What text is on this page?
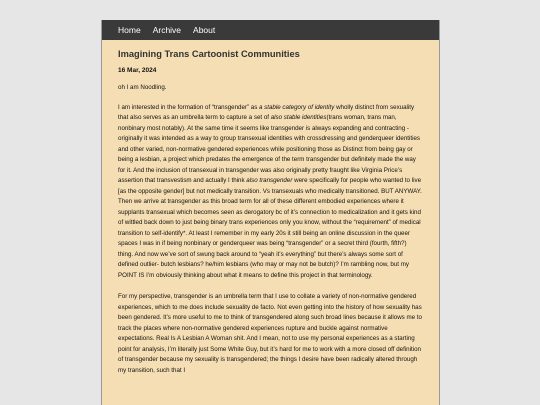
Home Archive About
Imagining Trans Cartoonist Communities
16 Mar, 2024

oh I am Noodling.

I am interested in the formation of “transgender” as a stable category of identity wholly distinct from sexuality that also serves as an umbrella term to capture a set of also stable identities(trans woman, trans man, nonbinary most notably). At the same time it seems like transgender is always expanding and contracting - originally it was intended as a way to group transexual identities with crossdressing and genderqueer identities and other varied, non-normative gendered experiences while positioning those as Distinct from being gay or being a lesbian, a project which predates the emergence of the term transgender but definitely made the way for it. And the inclusion of transexual in transgender was also originally pretty fraught like Virginia Price’s assertion that transvestism and actually I think also transgender were specifically for people who wanted to live [as the opposite gender] but not medically transition. Vs transexuals who medically transitioned. BUT ANYWAY. Then we arrive at transgender as this broad term for all of these different embodied experiences where it supplants transexual which becomes seen as derogatory bc of it’s connection to medicalization and it gets kind of wittled back down to just being binary trans experiences only you know, without the “requirement” of medical transition to self-identify*. At least I remember in my early 20s it still being an online discussion in the queer spaces I was in if being nonbinary or genderqueer was being “transgender” or a secret third (fourth, fifth?) thing. And now we’ve sort of swung back around to “yeah it’s everything” but there’s always some sort of defined outlier- butch lesbians? he/him lesbians (who may or may not be butch)? I’m rambling now, but my POINT IS I’m obviously thinking about what it means to define this project in that terminology.

For my perspective, transgender is an umbrella term that I use to collate a variety of non-normative gendered experiences, which to me does include sexuality de facto. Not even getting into the history of how sexuality has been gendered. It’s more useful to me to think of transgendered along such broad lines because it allows me to track the places where non-normative gendered experiences rupture and buckle against normative expectations. Real Is A Lesbian A Woman shit. And I mean, not to use my personal experiences as a starting point for analysis, I’m literally just Some White Guy, but it’s hard for me to work with a more closed off definition of transgender because my sexuality is transgendered; the things I desire have been radically altered through my transition, such that I
